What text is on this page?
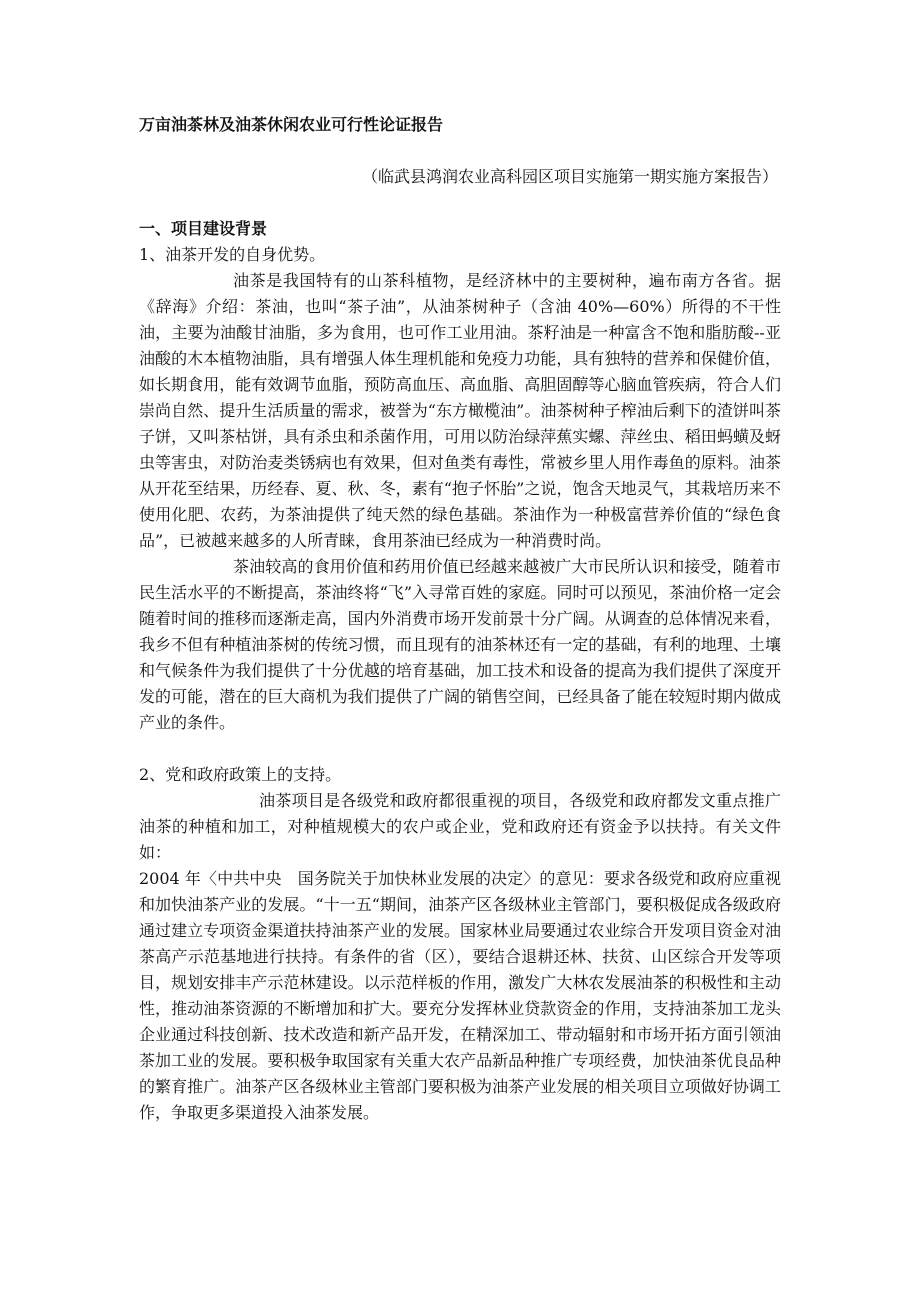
万亩油茶林及油茶休闲农业可行性论证报告

（临武县鸿润农业高科园区项目实施第一期实施方案报告）

一、项目建设背景

1、油茶开发的自身优势。

油茶是我国特有的山茶科植物，是经济林中的主要树种，遍布南方各省。据《辞海》介绍：茶油，也叫“茶子油”，从油茶树种子（含油 40%—60%）所得的不干性油，主要为油酸甘油脂，多为食用，也可作工业用油。茶籽油是一种富含不饱和脂肪酸--亚油酸的木本植物油脂，具有增强人体生理机能和免疫力功能，具有独特的营养和保健价值，如长期食用，能有效调节血脂，预防高血压、高血脂、高胆固醇等心脑血管疾病，符合人们崇尚自然、提升生活质量的需求，被誉为“东方橄榄油”。油茶树种子榨油后剩下的渣饼叫茶子饼，又叫茶枯饼，具有杀虫和杀菌作用，可用以防治绿萍蕉实螺、萍丝虫、稻田蚂蟥及蚜虫等害虫，对防治麦类锈病也有效果，但对鱼类有毒性，常被乡里人用作毒鱼的原料。油茶从开花至结果，历经春、夏、秋、冬，素有“抱子怀胎”之说，饱含天地灵气，其栽培历来不使用化肥、农药，为茶油提供了纯天然的绿色基础。茶油作为一种极富营养价值的“绿色食品”，已被越来越多的人所青睐，食用茶油已经成为一种消费时尚。

茶油较高的食用价值和药用价值已经越来越被广大市民所认识和接受，随着市民生活水平的不断提高，茶油终将“飞”入寻常百姓的家庭。同时可以预见，茶油价格一定会随着时间的推移而逐渐走高，国内外消费市场开发前景十分广阔。从调查的总体情况来看，我乡不但有种植油茶树的传统习惯，而且现有的油茶林还有一定的基础，有利的地理、土壤和气候条件为我们提供了十分优越的培育基础，加工技术和设备的提高为我们提供了深度开发的可能，潜在的巨大商机为我们提供了广阔的销售空间，已经具备了能在较短时期内做成产业的条件。

2、党和政府政策上的支持。

油茶项目是各级党和政府都很重视的项目，各级党和政府都发文重点推广油茶的种植和加工，对种植规模大的农户或企业，党和政府还有资金予以扶持。有关文件如：

2004 年〈中共中央　国务院关于加快林业发展的决定〉的意见：要求各级党和政府应重视和加快油茶产业的发展。“十一五“期间，油茶产区各级林业主管部门，要积极促成各级政府通过建立专项资金渠道扶持油茶产业的发展。国家林业局要通过农业综合开发项目资金对油茶高产示范基地进行扶持。有条件的省（区），要结合退耕还林、扶贫、山区综合开发等项目，规划安排丰产示范林建设。以示范样板的作用，激发广大林农发展油茶的积极性和主动性，推动油茶资源的不断增加和扩大。要充分发挥林业贷款资金的作用，支持油茶加工龙头企业通过科技创新、技术改造和新产品开发，在精深加工、带动辐射和市场开拓方面引领油茶加工业的发展。要积极争取国家有关重大农产品新品种推广专项经费，加快油茶优良品种的繁育推广。油茶产区各级林业主管部门要积极为油茶产业发展的相关项目立项做好协调工作，争取更多渠道投入油茶发展。
